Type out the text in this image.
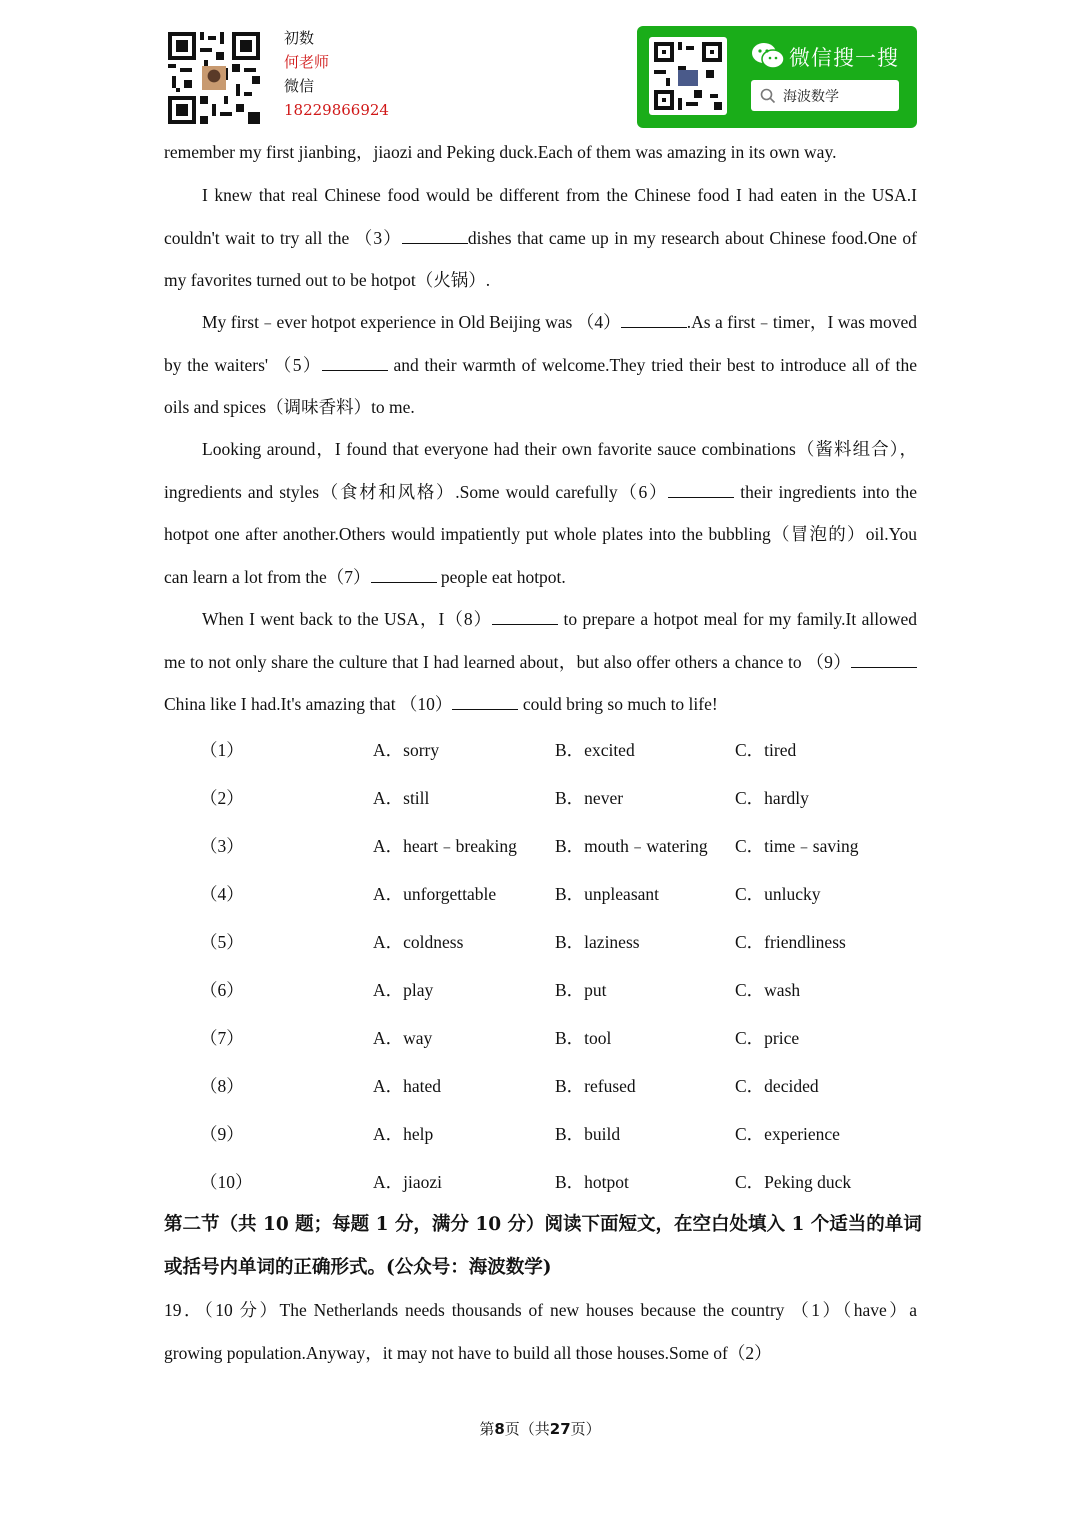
初数
何老师
微信
18229866924
微信搜一搜
海波数学
remember my first jianbing，jiaozi and Peking duck.Each of them was amazing in its own way.
I knew that real Chinese food would be different from the Chinese food I had eaten in the USA.I couldn't wait to try all the （3）	dishes that came up in my research about Chinese food.One of my favorites turned out to be hotpot（火锅）.
My first﹣ever hotpot experience in Old Beijing was （4）	.As a first﹣timer，I was moved by the waiters' （5）	and their warmth of welcome.They tried their best to introduce all of the oils and spices（调味香料）to me.
Looking around，I found that everyone had their own favorite sauce combinations（酱料组合），ingredients and styles（食材和风格）.Some would carefully（6）	their ingredients into the hotpot one after another.Others would impatiently put whole plates into the bubbling（冒泡的）oil.You can learn a lot from the（7）	people eat hotpot.
When I went back to the USA，I（8）	to prepare a hotpot meal for my family.It allowed me to not only share the culture that I had learned about，but also offer others a chance to （9）China like I had.It's amazing that （10）	could bring so much to life!
（1）	A．sorry	B．excited	C．tired
（2）	A．still	B．never	C．hardly
（3）	A．heart﹣breaking B．mouth﹣watering C．time﹣saving
（4）	A．unforgettable	B．unpleasant	C．unlucky
（5）	A．coldness	B．laziness	C．friendliness
（6）	A．play	B．put	C．wash
（7）	A．way	B．tool	C．price
（8）	A．hated	B．refused	C．decided
（9）	A．help	B．build	C．experience
（10）	A．jiaozi	B．hotpot	C．Peking duck
第二节（共 10 题；每题 1 分，满分 10 分）阅读下面短文，在空白处填入 1 个适当的单词或括号内单词的正确形式。(公众号：海波数学)
19．（10 分）The Netherlands needs thousands of new houses because the country （1）（have）a growing population.Anyway，it may not have to build all those houses.Some of（2）
第8页（共27页）
